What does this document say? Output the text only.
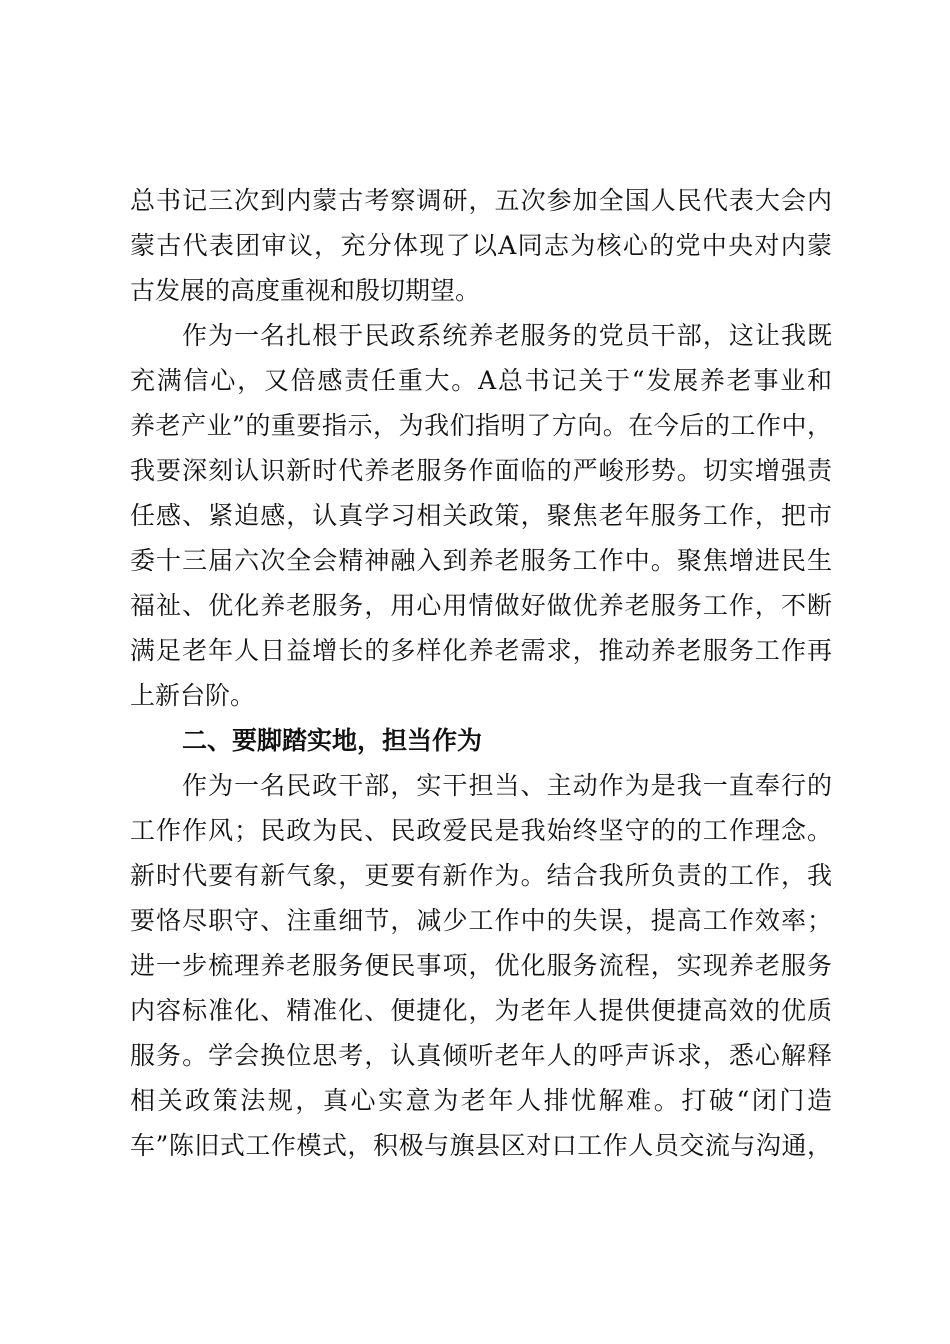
总书记三次到内蒙古考察调研，五次参加全国人民代表大会内
蒙古代表团审议，充分体现了以A同志为核心的党中央对内蒙
古发展的高度重视和殷切期望。
作为一名扎根于民政系统养老服务的党员干部，这让我既
充满信心，又倍感责任重大。A总书记关于“发展养老事业和
养老产业”的重要指示，为我们指明了方向。在今后的工作中，
我要深刻认识新时代养老服务作面临的严峻形势。切实增强责
任感、紧迫感，认真学习相关政策，聚焦老年服务工作，把市
委十三届六次全会精神融入到养老服务工作中。聚焦增进民生
福祉、优化养老服务，用心用情做好做优养老服务工作，不断
满足老年人日益增长的多样化养老需求，推动养老服务工作再
上新台阶。
二、要脚踏实地，担当作为
作为一名民政干部，实干担当、主动作为是我一直奉行的
工作作风；民政为民、民政爱民是我始终坚守的的工作理念。
新时代要有新气象，更要有新作为。结合我所负责的工作，我
要恪尽职守、注重细节，减少工作中的失误，提高工作效率；
进一步梳理养老服务便民事项，优化服务流程，实现养老服务
内容标准化、精准化、便捷化，为老年人提供便捷高效的优质
服务。学会换位思考，认真倾听老年人的呼声诉求，悉心解释
相关政策法规，真心实意为老年人排忧解难。打破“闭门造
车”陈旧式工作模式，积极与旗县区对口工作人员交流与沟通，
